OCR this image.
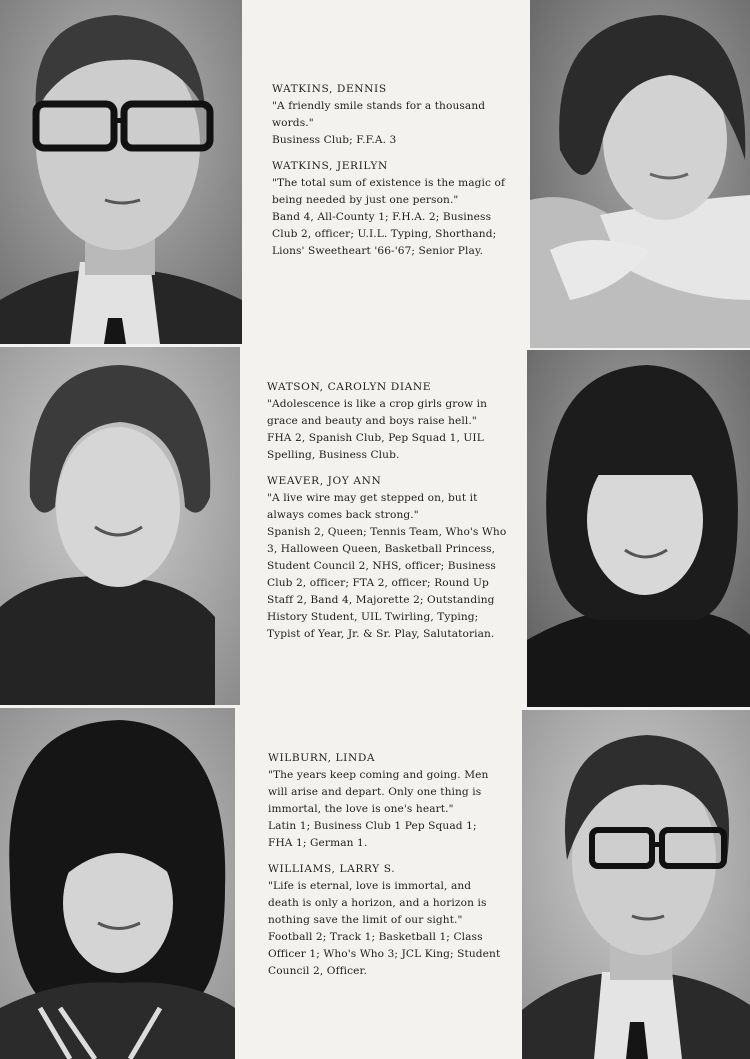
WATKINS, DENNIS
"A friendly smile stands for a thousand words."
Business Club; F.F.A. 3
WATKINS, JERILYN
"The total sum of existence is the magic of being needed by just one person."
Band 4, All-County 1; F.H.A. 2; Business Club 2, officer; U.I.L. Typing, Shorthand; Lions' Sweetheart '66-'67; Senior Play.
WATSON, CAROLYN DIANE
"Adolescence is like a crop girls grow in grace and beauty and boys raise hell."
FHA 2, Spanish Club, Pep Squad 1, UIL Spelling, Business Club.
WEAVER, JOY ANN
"A live wire may get stepped on, but it always comes back strong."
Spanish 2, Queen; Tennis Team, Who's Who 3, Halloween Queen, Basketball Princess, Student Council 2, NHS, officer; Business Club 2, officer; FTA 2, officer; Round Up Staff 2, Band 4, Majorette 2; Outstanding History Student, UIL Twirling, Typing; Typist of Year, Jr. & Sr. Play, Salutatorian.
WILBURN, LINDA
"The years keep coming and going. Men will arise and depart. Only one thing is immortal, the love is one's heart."
Latin 1; Business Club 1 Pep Squad 1; FHA 1; German 1.
WILLIAMS, LARRY S.
"Life is eternal, love is immortal, and death is only a horizon, and a horizon is nothing save the limit of our sight."
Football 2; Track 1; Basketball 1; Class Officer 1; Who's Who 3; JCL King; Student Council 2, Officer.
